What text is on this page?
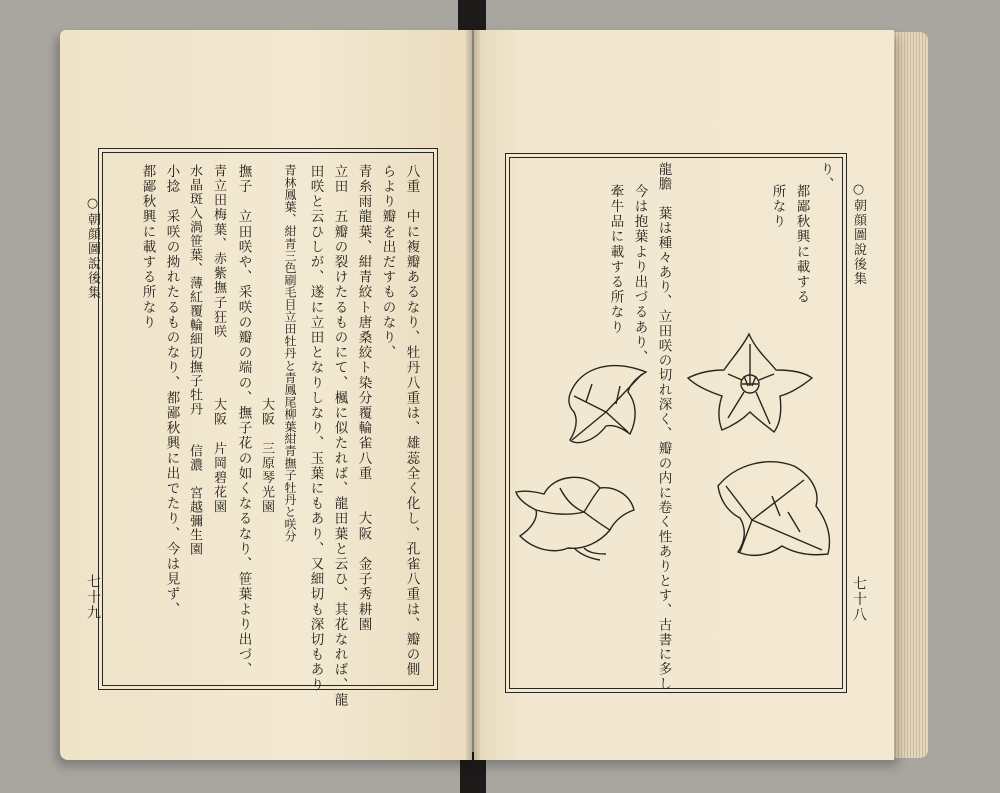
○朝顔圖說後集
七十九	八重　中に複瓣あるなり、牡丹八重は、雄蕊全く化し、孔雀八重は、瓣の側
らより瓣を出だすものなり、
青糸雨龍葉、紺青絞ト唐桑絞ト染分覆輪雀八重　　大阪　金子秀耕園
立田　五瓣の裂けたるものにて、楓に似たれば、龍田葉と云ひ、其花なれば、龍
田咲と云ひしが、遂に立田となりしなり、玉葉にもあり、又細切も深切もあり
青林鳳葉、紺青三色刷毛目立田牡丹と青鳳尾柳葉紺青撫子牡丹と咲分
　　　　　　　　　　　　　　　　大阪　三原琴光園
撫子　立田咲や、采咲の瓣の端の、撫子花の如くなるなり、笹葉より出づ、
青立田梅葉、赤紫撫子狂咲　　　　大阪　片岡碧花園
水晶斑入渦笹葉、薄紅覆輪細切撫子牡丹　　信濃　宮越彌生園
小捻　采咲の拗れたるものなり、都鄙秋興に出でたり、今は見ず、
都鄙秋興に載する所なり	○朝顔圖說後集
七十八
り、
都鄙秋興に載する
所なり
龍膽　葉は種々あり、立田咲の切れ深く、瓣の内に卷く性ありとす、古書に多し
今は抱葉より出づるあり、
牽牛品に載する所なり
